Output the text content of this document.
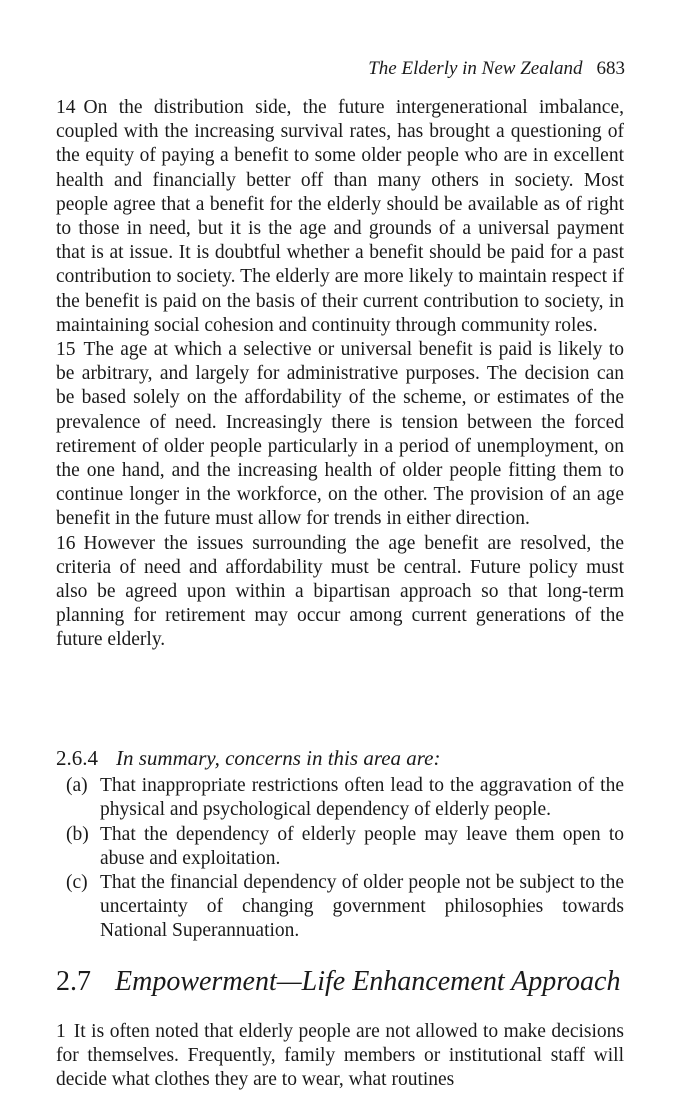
The Elderly in New Zealand 683

14 On the distribution side, the future intergenerational imbalance, coupled with the increasing survival rates, has brought a questioning of the equity of paying a benefit to some older people who are in excellent health and financially better off than many others in society. Most people agree that a benefit for the elderly should be available as of right to those in need, but it is the age and grounds of a universal payment that is at issue. It is doubtful whether a benefit should be paid for a past contribution to society. The elderly are more likely to maintain respect if the benefit is paid on the basis of their current contribution to society, in maintaining social cohesion and continuity through community roles.

15 The age at which a selective or universal benefit is paid is likely to be arbitrary, and largely for administrative purposes. The decision can be based solely on the affordability of the scheme, or estimates of the prevalence of need. Increasingly there is tension between the forced retirement of older people particularly in a period of unemployment, on the one hand, and the increasing health of older people fitting them to continue longer in the workforce, on the other. The provision of an age benefit in the future must allow for trends in either direction.

16 However the issues surrounding the age benefit are resolved, the criteria of need and affordability must be central. Future policy must also be agreed upon within a bipartisan approach so that long-term planning for retirement may occur among current generations of the future elderly.

2.6.4 In summary, concerns in this area are:
(a) That inappropriate restrictions often lead to the aggravation of the physical and psychological dependency of elderly people.
(b) That the dependency of elderly people may leave them open to abuse and exploitation.
(c) That the financial dependency of older people not be subject to the uncertainty of changing government philosophies towards National Superannuation.
2.7 Empowerment—Life Enhancement Approach

1 It is often noted that elderly people are not allowed to make decisions for themselves. Frequently, family members or institutional staff will decide what clothes they are to wear, what routines
